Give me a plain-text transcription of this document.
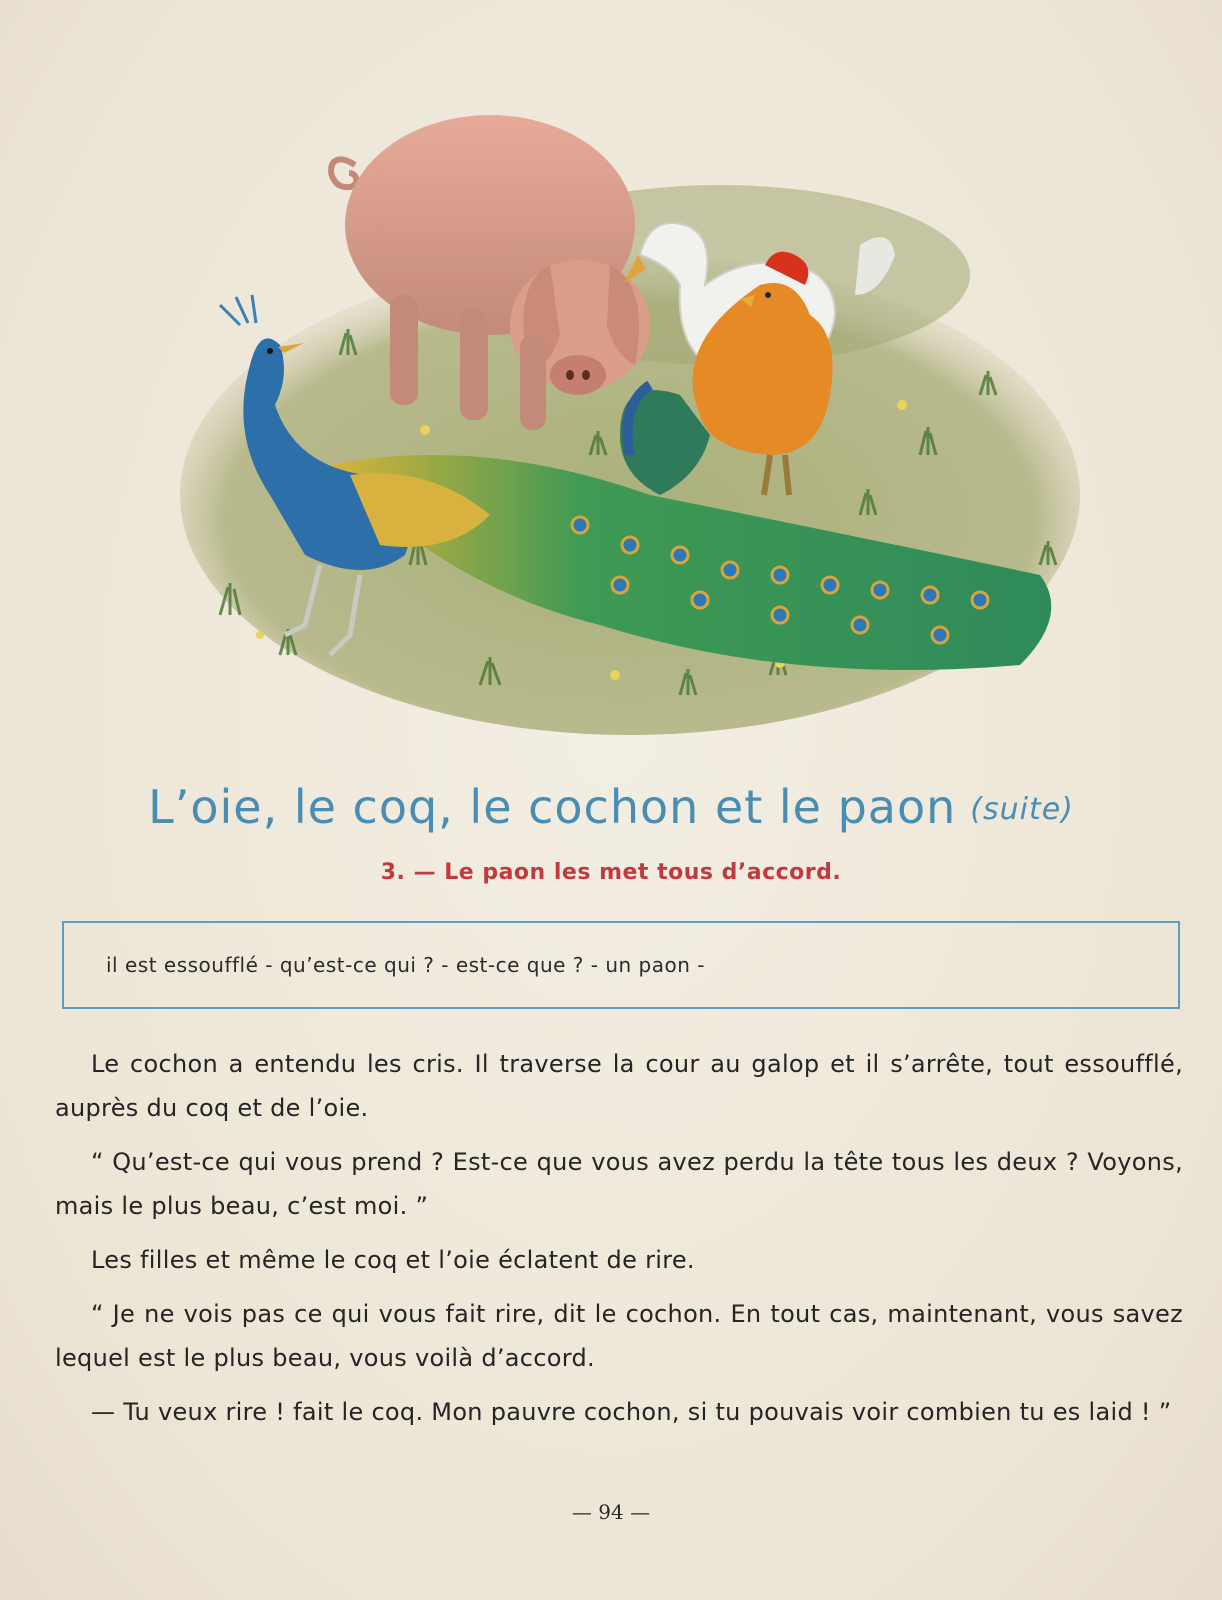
L’oie, le coq, le cochon et le paon (suite)
3. — Le paon les met tous d’accord.
il est essoufflé - qu’est-ce qui ? - est-ce que ? - un paon -

Le cochon a entendu les cris. Il traverse la cour au galop et il s’arrête, tout essoufflé, auprès du coq et de l’oie.

“ Qu’est-ce qui vous prend ? Est-ce que vous avez perdu la tête tous les deux ? Voyons, mais le plus beau, c’est moi. ”

Les filles et même le coq et l’oie éclatent de rire.

“ Je ne vois pas ce qui vous fait rire, dit le cochon. En tout cas, maintenant, vous savez lequel est le plus beau, vous voilà d’accord.

— Tu veux rire ! fait le coq. Mon pauvre cochon, si tu pouvais voir combien tu es laid ! ”

— 94 —
